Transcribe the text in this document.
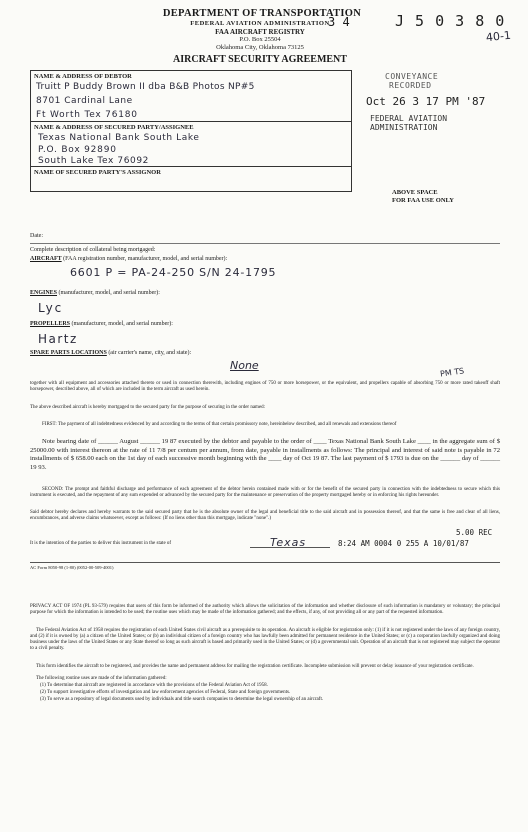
DEPARTMENT OF TRANSPORTATION
FEDERAL AVIATION ADMINISTRATION
3 4
FAA AIRCRAFT REGISTRY
P.O. Box 25504
Oklahoma City, Oklahoma 73125
AIRCRAFT SECURITY AGREEMENT
J 5 0 3 8 0
40-1
NAME & ADDRESS OF DEBTOR
Truitt P Buddy Brown II dba B&B Photos NP#5
8701 Cardinal Lane
Ft Worth Tex 76180
NAME & ADDRESS OF SECURED PARTY/ASSIGNEE
Texas National Bank South Lake
P.O. Box 92890
South Lake Tex 76092
NAME OF SECURED PARTY'S ASSIGNOR
CONVEYANCE
RECORDED
Oct 26 3 17 PM '87
FEDERAL AVIATION
ADMINISTRATION
ABOVE SPACE
FOR FAA USE ONLY
Date:
Complete description of collateral being mortgaged:
AIRCRAFT (FAA registration number, manufacturer, model, and serial number):
6601 P = PA-24-250 S/N 24-1795
ENGINES (manufacturer, model, and serial number):
Lyc
PROPELLERS (manufacturer, model, and serial number):
Hartz
SPARE PARTS LOCATIONS (air carrier's name, city, and state):
None
PM TS
together with all equipment and accessories attached thereto or used in connection therewith, including engines of 750 or more horsepower, or the equivalent, and propellers capable of absorbing 750 or more rated takeoff shaft horsepower, described above, all of which are included in the term aircraft as used herein.
The above described aircraft is hereby mortgaged to the secured party for the purpose of securing in the order named:
FIRST: The payment of all indebtedness evidenced by and according to the terms of that certain promissory note, hereinbelow described, and all renewals and extensions thereof
Note bearing date of ______ August ______ 19 87 executed by the debtor and payable to the order of ____ Texas National Bank South Lake ____ in the aggregate sum of $ 25000.00 with interest thereon at the rate of 11 7/8 per centum per annum, from date, payable in installments as follows: The principal and interest of said note is payable in 72 installments of $ 658.00 each on the 1st day of each successive month beginning with the ____ day of Oct 19 87. The last payment of $ 1793 is due on the ______ day of ______ 19 93.
SECOND: The prompt and faithful discharge and performance of each agreement of the debtor herein contained made with or for the benefit of the secured party in connection with the indebtedness to secure which this instrument is executed, and the repayment of any sum expended or advanced by the secured party for the maintenance or preservation of the property mortgaged hereby or in enforcing his rights hereunder.
Said debtor hereby declares and hereby warrants to the said secured party that he is the absolute owner of the legal and beneficial title to the said aircraft and in possession thereof, and that the same is free and clear of all liens, encumbrances, and adverse claims whatsoever, except as follows: (If no liens other than this mortgage, indicate "none".)
It is the intention of the parties to deliver this instrument in the state of	Texas	8:24 AM 0004 0 255 A 10/01/87
5.00 REC
AC Form 8050-98 (1-80) (0052-00-509-4001)
PRIVACY ACT OF 1974 (PL 93-579) requires that users of this form be informed of the authority which allows the solicitation of the information and whether disclosure of such information is mandatory or voluntary; the principal purpose for which the information is intended to be used; the routine uses which may be made of the information gathered; and the effects, if any, of not providing all or any part of the requested information.
The Federal Aviation Act of 1958 requires the registration of each United States civil aircraft as a prerequisite to its operation. An aircraft is eligible for registration only: (1) if it is not registered under the laws of any foreign country, and (2) if it is owned by (a) a citizen of the United States; or (b) an individual citizen of a foreign country who has lawfully been admitted for permanent residence in the United States; or (c) a corporation lawfully organized and doing business under the laws of the United States or any State thereof so long as such aircraft is based and primarily used in the United States; or (d) a governmental unit. Operation of an aircraft that is not registered may subject the operator to a civil penalty.
This form identifies the aircraft to be registered, and provides the name and permanent address for mailing the registration certificate. Incomplete submission will prevent or delay issuance of your registration certificate.
The following routine uses are made of the information gathered:
(1) To determine that aircraft are registered in accordance with the provisions of the Federal Aviation Act of 1958.
(2) To support investigative efforts of investigation and law enforcement agencies of Federal, State and foreign governments.
(3) To serve as a repository of legal documents used by individuals and title search companies to determine the legal ownership of an aircraft.
